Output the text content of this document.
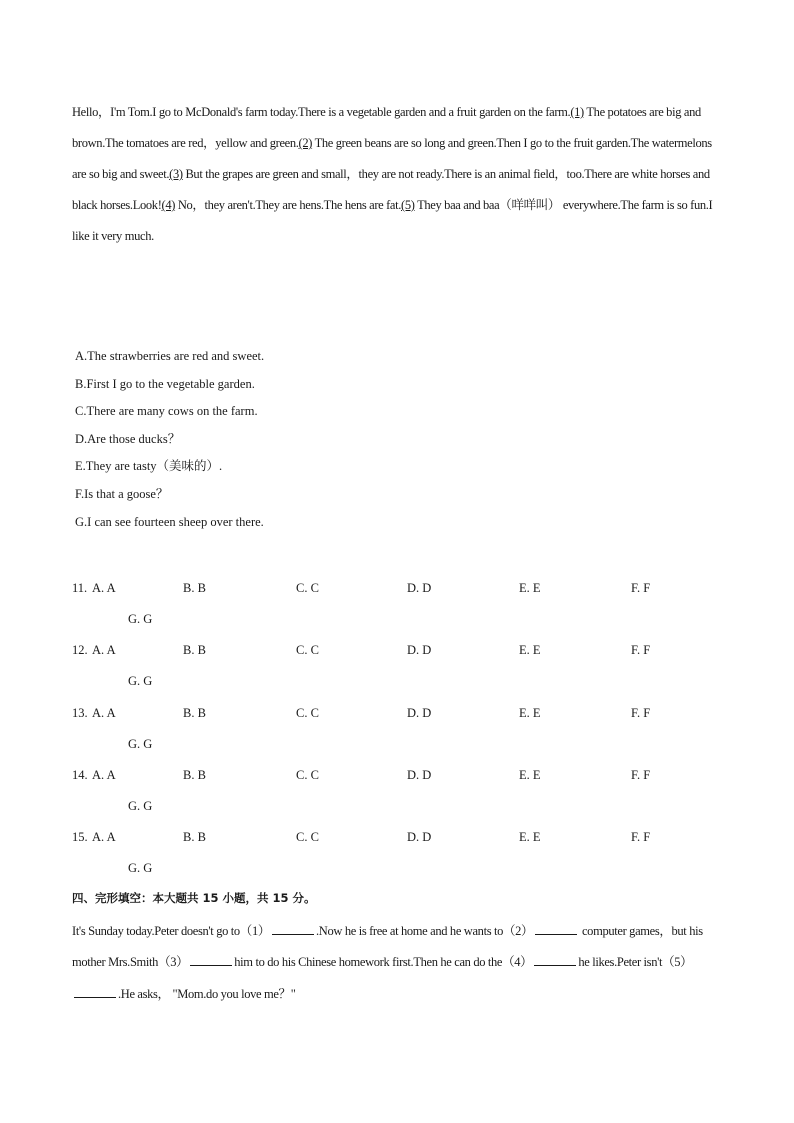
Hello，I'm Tom.I go to McDonald's farm today.There is a vegetable garden and a fruit garden on the farm.(1) The potatoes are big and brown.The tomatoes are red，yellow and green.(2) The green beans are so long and green.Then I go to the fruit garden.The watermelons are so big and sweet.(3) But the grapes are green and small，they are not ready.There is an animal field，too.There are white horses and black horses.Look!(4) No，they aren't.They are hens.The hens are fat.(5) They baa and baa（咩咩叫） everywhere.The farm is so fun.I like it very much.

A.The strawberries are red and sweet.
B.First I go to the vegetable garden.
C.There are many cows on the farm.
D.Are those ducks？
E.They are tasty（美味的）.
F.Is that a goose？
G.I can see fourteen sheep over there.
11. A. A	B. B	C. C	D. D	E. E	F. F
G. G
12. A. A	B. B	C. C	D. D	E. E	F. F
G. G
13. A. A	B. B	C. C	D. D	E. E	F. F
G. G
14. A. A	B. B	C. C	D. D	E. E	F. F
G. G
15. A. A	B. B	C. C	D. D	E. E	F. F
G. G
四、完形填空：本大题共 15 小题，共 15 分。

It's Sunday today.Peter doesn't go to（1）	.Now he is free at home and he wants to（2）	computer games，but his mother Mrs.Smith（3）	him to do his Chinese homework first.Then he can do the（4）	he likes.Peter isn't（5）.He asks， "Mom.do you love me？"
